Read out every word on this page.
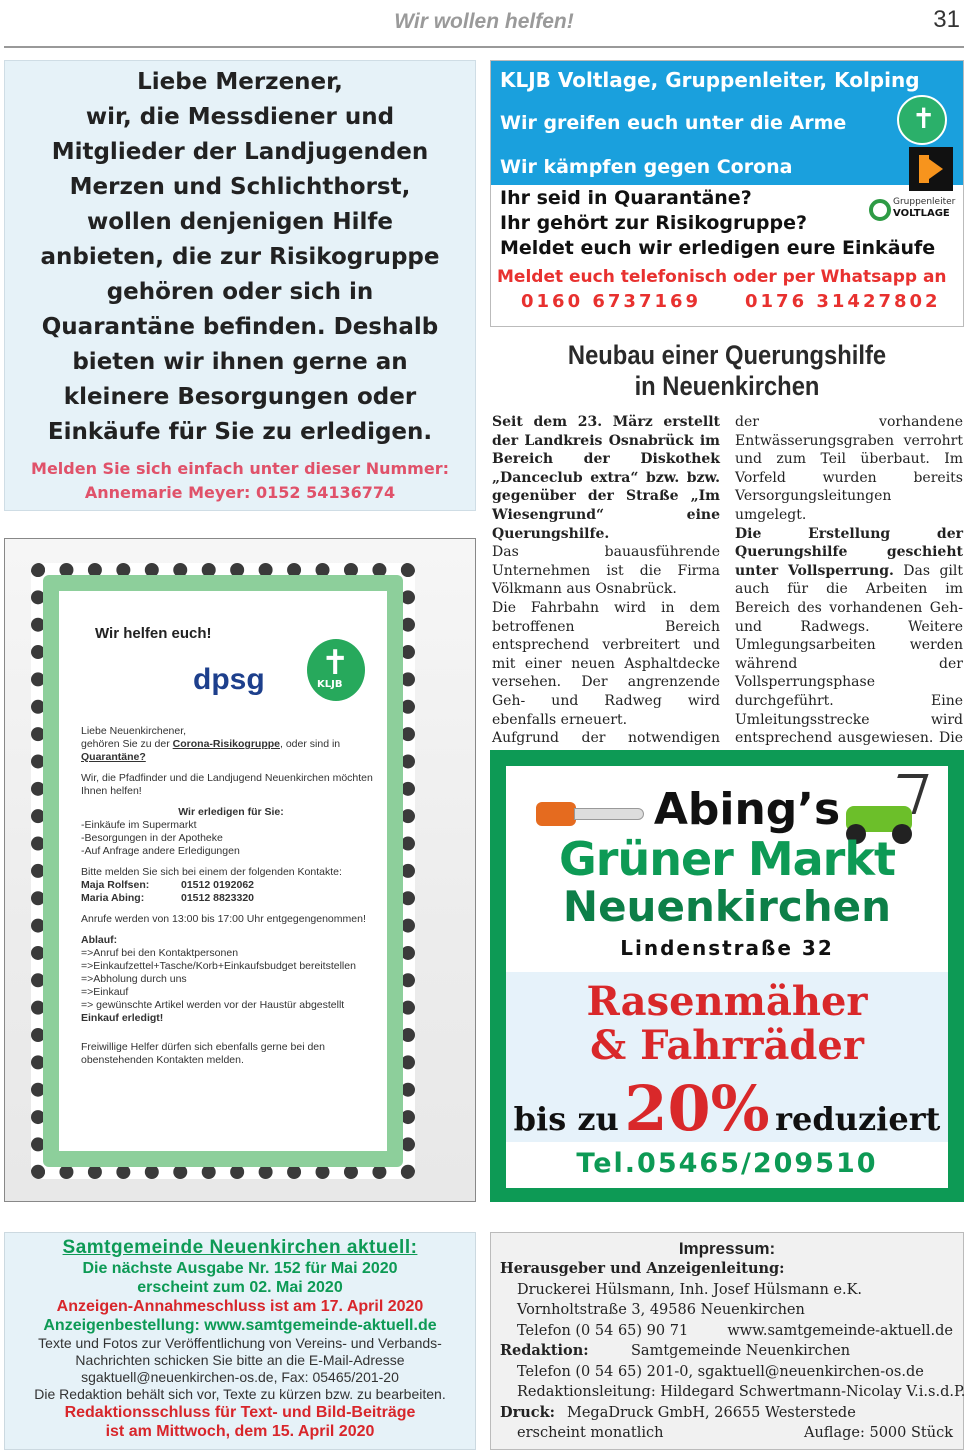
Wir wollen helfen!	31
Liebe Merzener,
wir, die Messdiener und
Mitglieder der Landjugenden
Merzen und Schlichthorst,
wollen denjenigen Hilfe
anbieten, die zur Risikogruppe
gehören oder sich in
Quarantäne befinden. Deshalb
bieten wir ihnen gerne an
kleinere Besorgungen oder
Einkäufe für Sie zu erledigen.
Melden Sie sich einfach unter dieser Nummer:
Annemarie Meyer: 0152 54136774
KLJB Voltlage, Gruppenleiter, Kolping
Wir greifen euch unter die Arme
Wir kämpfen gegen Corona
✝
Gruppenleiter
VOLTLAGE
Ihr seid in Quarantäne?
Ihr gehört zur Risikogruppe?
Meldet euch wir erledigen eure Einkäufe
Meldet euch telefonisch oder per Whatsapp an
0160 6737169 0176 31427802
Neubau einer Querungshilfe
in Neuenkirchen

Seit dem 23. März erstellt der Landkreis Osnabrück im Bereich der Diskothek „Danceclub extra“ bzw. bzw. gegenüber der Straße „Im Wiesengrund“ eine Querungshilfe.

Das bauausführende Unternehmen ist die Firma Völkmann aus Osnabrück.

Die Fahrbahn wird in dem betroffenen Bereich entsprechend verbreitert und mit einer neuen Asphaltdecke versehen. Der angrenzende Geh- und Radweg wird ebenfalls erneuert.

Aufgrund der notwendigen

der vorhandene Entwässerungsgraben verrohrt und zum Teil überbaut. Im Vorfeld wurden bereits Versorgungsleitungen umgelegt.

Die Erstellung der Querungshilfe geschieht unter Vollsperrung. Das gilt auch für die Arbeiten im Bereich des vorhandenen Geh- und Radwegs. Weitere Umlegungsarbeiten werden während der Vollsperrungsphase durchgeführt. Eine Umleitungsstrecke wird entsprechend ausgewiesen. Die

Wir helfen euch!
dpsg
✝	KLJB
Liebe Neuenkirchener,
gehören Sie zu der Corona-Risikogruppe, oder sind in
Quarantäne?
Wir, die Pfadfinder und die Landjugend Neuenkirchen möchten
Ihnen helfen!
Wir erledigen für Sie:
-Einkäufe im Supermarkt
-Besorgungen in der Apotheke
-Auf Anfrage andere Erledigungen
Bitte melden Sie sich bei einem der folgenden Kontakte:
Maja Rolfsen:	01512 0192062
Maria Abing:	01512 8823320
Anrufe werden von 13:00 bis 17:00 Uhr entgegengenommen!
Ablauf:
=>Anruf bei den Kontaktpersonen
=>Einkaufzettel+Tasche/Korb+Einkaufsbudget bereitstellen
=>Abholung durch uns
=>Einkauf
=> gewünschte Artikel werden vor der Haustür abgestellt
Einkauf erledigt!
Freiwillige Helfer dürfen sich ebenfalls gerne bei den
obenstehenden Kontakten melden.
Abing’s
Grüner Markt
Neuenkirchen
Lindenstraße 32
Rasenmäher
& Fahrräder
bis zu 20% reduziert
Tel.05465/209510
Samtgemeinde Neuenkirchen aktuell:
Die nächste Ausgabe Nr. 152 für Mai 2020
erscheint zum 02. Mai 2020
Anzeigen-Annahmeschluss ist am 17. April 2020
Anzeigenbestellung: www.samtgemeinde-aktuell.de
Texte und Fotos zur Veröffentlichung von Vereins- und Verbands-
Nachrichten schicken Sie bitte an die E-Mail-Adresse
sgaktuell@neuenkirchen-os.de, Fax: 05465/201-20
Die Redaktion behält sich vor, Texte zu kürzen bzw. zu bearbeiten.
Redaktionsschluss für Text- und Bild-Beiträge
ist am Mittwoch, dem 15. April 2020
Impressum:
Herausgeber und Anzeigenleitung:
Druckerei Hülsmann, Inh. Josef Hülsmann e.K.
Vornholtstraße 3, 49586 Neuenkirchen
Telefon (0 54 65) 90 71	www.samtgemeinde-aktuell.de
Redaktion:	Samtgemeinde Neuenkirchen
Telefon (0 54 65) 201-0, sgaktuell@neuenkirchen-os.de
Redaktionsleitung: Hildegard Schwertmann-Nicolay V.i.s.d.P.
Druck: MegaDruck GmbH, 26655 Westerstede
erscheint monatlich	Auflage: 5000 Stück
